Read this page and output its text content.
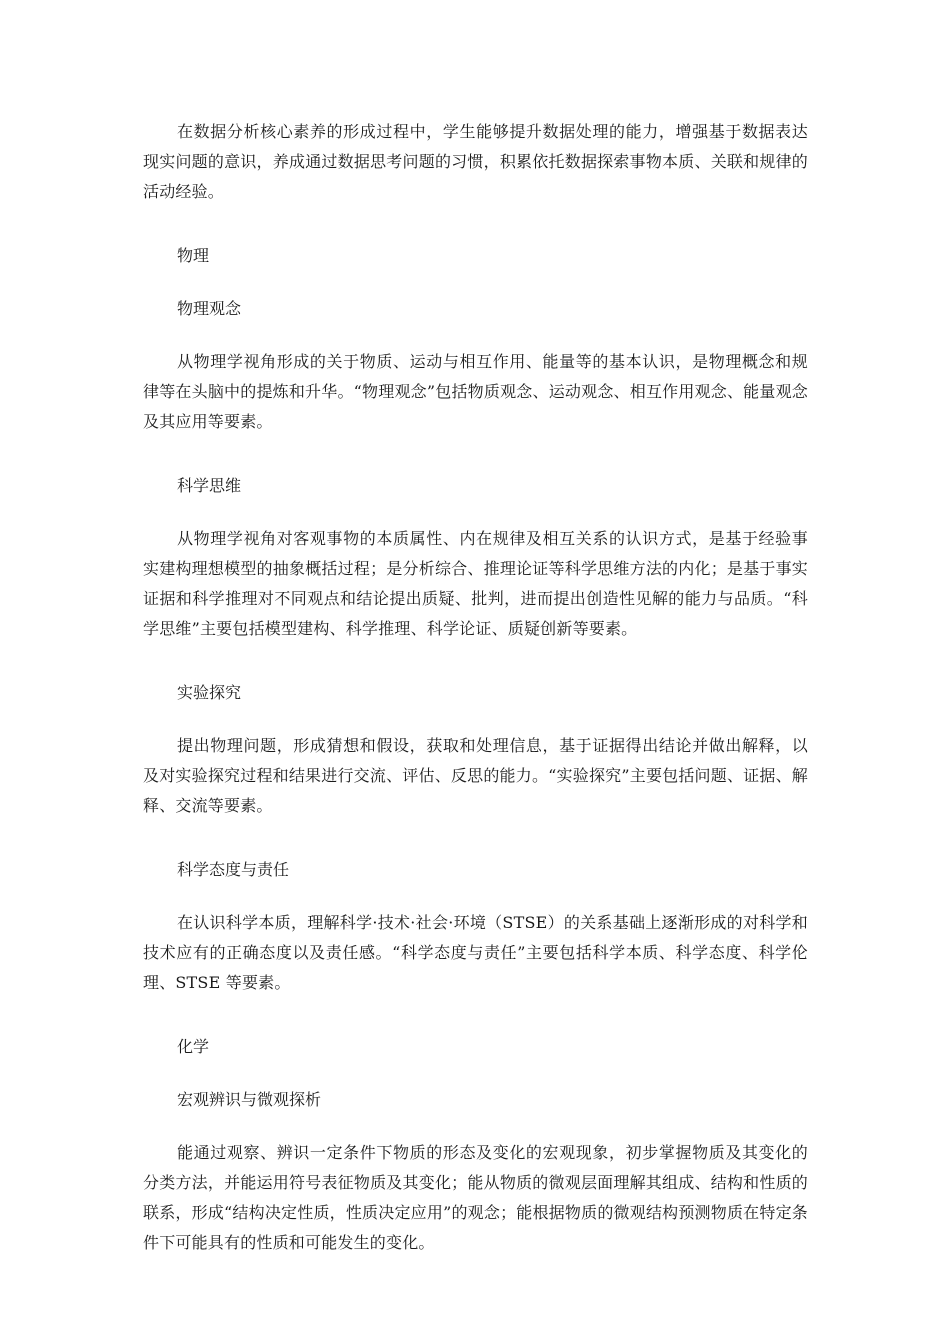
在数据分析核心素养的形成过程中，学生能够提升数据处理的能力，增强基于数据表达现实问题的意识，养成通过数据思考问题的习惯，积累依托数据探索事物本质、关联和规律的活动经验。

物理

物理观念

从物理学视角形成的关于物质、运动与相互作用、能量等的基本认识，是物理概念和规律等在头脑中的提炼和升华。“物理观念”包括物质观念、运动观念、相互作用观念、能量观念及其应用等要素。

科学思维

从物理学视角对客观事物的本质属性、内在规律及相互关系的认识方式，是基于经验事实建构理想模型的抽象概括过程；是分析综合、推理论证等科学思维方法的内化；是基于事实证据和科学推理对不同观点和结论提出质疑、批判，进而提出创造性见解的能力与品质。“科学思维”主要包括模型建构、科学推理、科学论证、质疑创新等要素。

实验探究

提出物理问题，形成猜想和假设，获取和处理信息，基于证据得出结论并做出解释，以及对实验探究过程和结果进行交流、评估、反思的能力。“实验探究”主要包括问题、证据、解释、交流等要素。

科学态度与责任

在认识科学本质，理解科学·技术·社会·环境（STSE）的关系基础上逐渐形成的对科学和技术应有的正确态度以及责任感。“科学态度与责任”主要包括科学本质、科学态度、科学伦理、STSE 等要素。

化学

宏观辨识与微观探析

能通过观察、辨识一定条件下物质的形态及变化的宏观现象，初步掌握物质及其变化的分类方法，并能运用符号表征物质及其变化；能从物质的微观层面理解其组成、结构和性质的联系，形成“结构决定性质，性质决定应用”的观念；能根据物质的微观结构预测物质在特定条件下可能具有的性质和可能发生的变化。
